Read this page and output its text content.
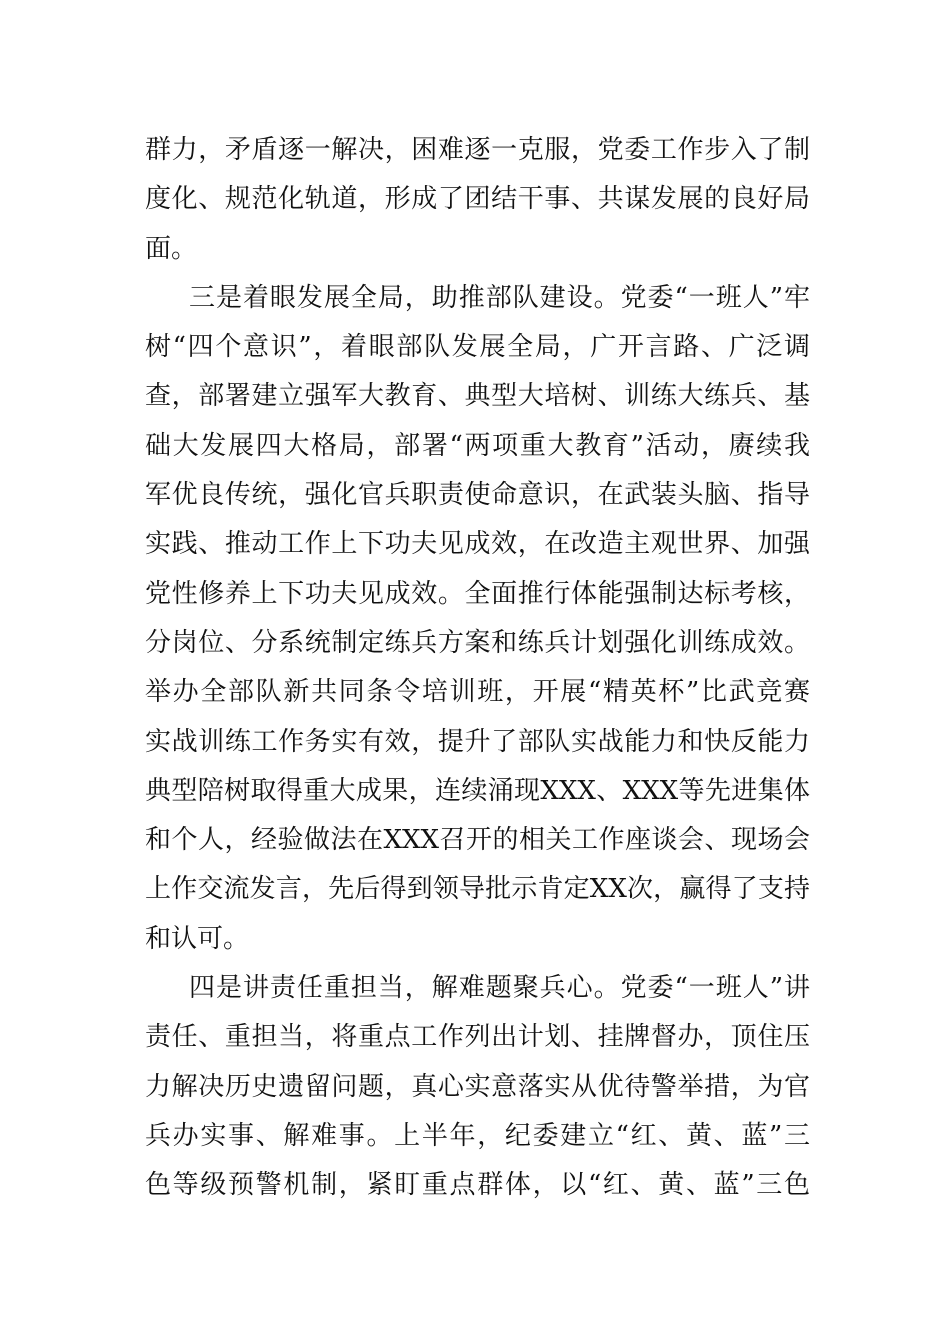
群力，矛盾逐一解决，困难逐一克服，党委工作步入了制
度化、规范化轨道，形成了团结干事、共谋发展的良好局
面。
三是着眼发展全局，助推部队建设。党委“一班人”牢
树“四个意识”，着眼部队发展全局，广开言路、广泛调
查，部署建立强军大教育、典型大培树、训练大练兵、基
础大发展四大格局，部署“两项重大教育”活动，赓续我
军优良传统，强化官兵职责使命意识，在武装头脑、指导
实践、推动工作上下功夫见成效，在改造主观世界、加强
党性修养上下功夫见成效。全面推行体能强制达标考核，
分岗位、分系统制定练兵方案和练兵计划强化训练成效。
举办全部队新共同条令培训班，开展“精英杯”比武竞赛
实战训练工作务实有效，提升了部队实战能力和快反能力
典型陪树取得重大成果，连续涌现XXX、XXX等先进集体
和个人，经验做法在XXX召开的相关工作座谈会、现场会
上作交流发言，先后得到领导批示肯定XX次，赢得了支持
和认可。
四是讲责任重担当，解难题聚兵心。党委“一班人”讲
责任、重担当，将重点工作列出计划、挂牌督办，顶住压
力解决历史遗留问题，真心实意落实从优待警举措，为官
兵办实事、解难事。上半年，纪委建立“红、黄、蓝”三
色等级预警机制，紧盯重点群体，以“红、黄、蓝”三色
